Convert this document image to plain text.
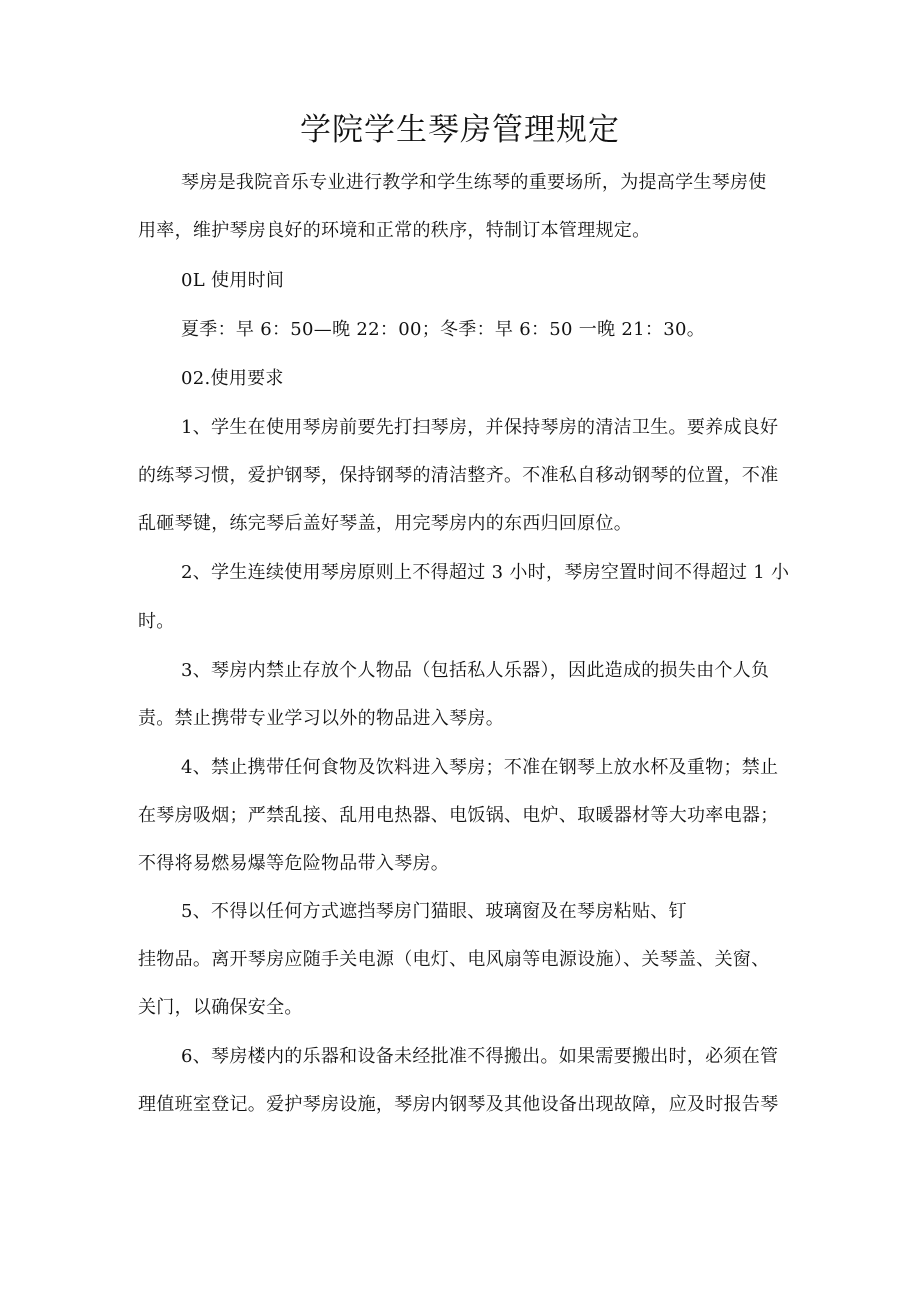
学院学生琴房管理规定
琴房是我院音乐专业进行教学和学生练琴的重要场所，为提高学生琴房使
用率，维护琴房良好的环境和正常的秩序，特制订本管理规定。
0L 使用时间
夏季：早 6：50—晚 22：00；冬季：早 6：50 一晚 21：30。
02.使用要求
1、学生在使用琴房前要先打扫琴房，并保持琴房的清洁卫生。要养成良好
的练琴习惯，爱护钢琴，保持钢琴的清洁整齐。不准私自移动钢琴的位置，不准
乱砸琴键，练完琴后盖好琴盖，用完琴房内的东西归回原位。
2、学生连续使用琴房原则上不得超过 3 小时，琴房空置时间不得超过 1 小
时。
3、琴房内禁止存放个人物品（包括私人乐器），因此造成的损失由个人负
责。禁止携带专业学习以外的物品进入琴房。
4、禁止携带任何食物及饮料进入琴房；不准在钢琴上放水杯及重物；禁止
在琴房吸烟；严禁乱接、乱用电热器、电饭锅、电炉、取暖器材等大功率电器；
不得将易燃易爆等危险物品带入琴房。
5、不得以任何方式遮挡琴房门猫眼、玻璃窗及在琴房粘贴、钉
挂物品。离开琴房应随手关电源（电灯、电风扇等电源设施）、关琴盖、关窗、
关门，以确保安全。
6、琴房楼内的乐器和设备未经批准不得搬出。如果需要搬出时，必须在管
理值班室登记。爱护琴房设施，琴房内钢琴及其他设备出现故障，应及时报告琴
